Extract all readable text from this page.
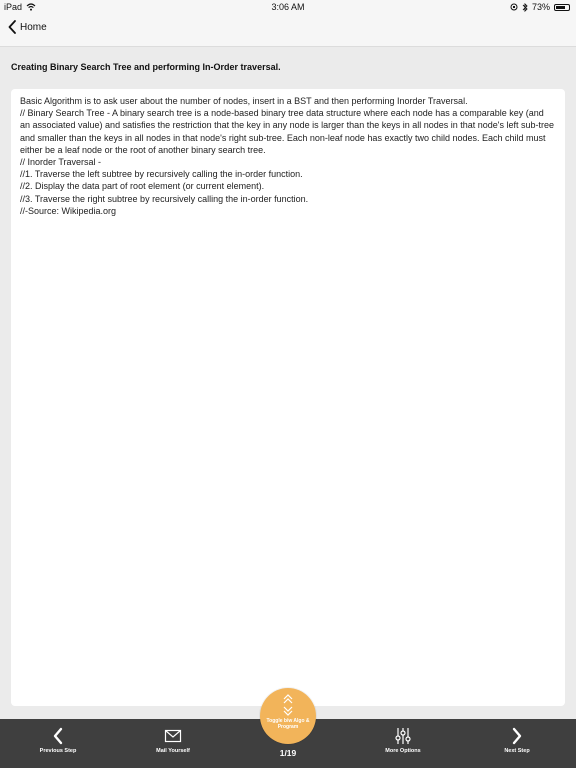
iPad	3:06 AM	73%
Home
Creating Binary Search Tree and performing In-Order traversal.

Basic Algorithm is to ask user about the number of nodes, insert in a BST and then performing Inorder Traversal.

// Binary Search Tree - A binary search tree is a node-based binary tree data structure where each node has a comparable key (and an associated value) and satisfies the restriction that the key in any node is larger than the keys in all nodes in that node's left sub-tree and smaller than the keys in all nodes in that node's right sub-tree. Each non-leaf node has exactly two child nodes. Each child must either be a leaf node or the root of another binary search tree.

// Inorder Traversal -

//1. Traverse the left subtree by recursively calling the in-order function.

//2. Display the data part of root element (or current element).

//3. Traverse the right subtree by recursively calling the in-order function.

//-Source: Wikipedia.org

Previous Step	Mail Yourself	1/19	More Options	Next Step
Toggle b/w Algo & Program
